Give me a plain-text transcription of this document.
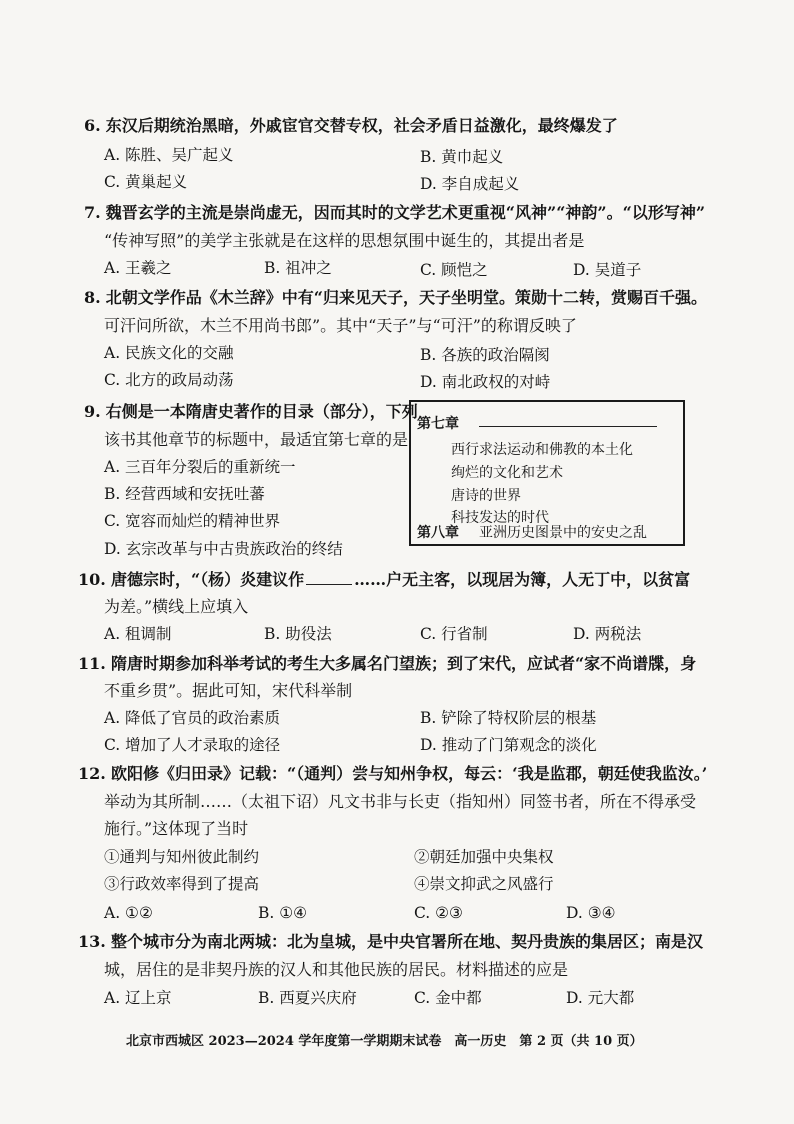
6. 东汉后期统治黑暗，外戚宦官交替专权，社会矛盾日益激化，最终爆发了
A. 陈胜、吴广起义	B. 黄巾起义
C. 黄巢起义	D. 李自成起义
7. 魏晋玄学的主流是崇尚虚无，因而其时的文学艺术更重视“风神”“神韵”。“以形写神”
“传神写照”的美学主张就是在这样的思想氛围中诞生的，其提出者是
A. 王羲之	B. 祖冲之	C. 顾恺之	D. 吴道子
8. 北朝文学作品《木兰辞》中有“归来见天子，天子坐明堂。策勋十二转，赏赐百千强。
可汗问所欲，木兰不用尚书郎”。其中“天子”与“可汗”的称谓反映了
A. 民族文化的交融	B. 各族的政治隔阂
C. 北方的政局动荡	D. 南北政权的对峙
9. 右侧是一本隋唐史著作的目录（部分），下列
该书其他章节的标题中，最适宜第七章的是
A. 三百年分裂后的重新统一
B. 经营西域和安抚吐蕃
C. 宽容而灿烂的精神世界
D. 玄宗改革与中古贵族政治的终结
第七章
西行求法运动和佛教的本土化
绚烂的文化和艺术
唐诗的世界
科技发达的时代
第八章 亚洲历史图景中的安史之乱
10. 唐德宗时，“（杨）炎建议作	……户无主客，以现居为簿，人无丁中，以贫富
为差。”横线上应填入
A. 租调制	B. 助役法	C. 行省制	D. 两税法
11. 隋唐时期参加科举考试的考生大多属名门望族；到了宋代，应试者“家不尚谱牒，身
不重乡贯”。据此可知，宋代科举制
A. 降低了官员的政治素质	B. 铲除了特权阶层的根基
C. 增加了人才录取的途径	D. 推动了门第观念的淡化
12. 欧阳修《归田录》记载：“（通判）尝与知州争权，每云：‘我是监郡，朝廷使我监汝。’
举动为其所制……（太祖下诏）凡文书非与长吏（指知州）同签书者，所在不得承受
施行。”这体现了当时
①通判与知州彼此制约	②朝廷加强中央集权
③行政效率得到了提高	④崇文抑武之风盛行
A. ①②	B. ①④	C. ②③	D. ③④
13. 整个城市分为南北两城：北为皇城，是中央官署所在地、契丹贵族的集居区；南是汉
城，居住的是非契丹族的汉人和其他民族的居民。材料描述的应是
A. 辽上京	B. 西夏兴庆府	C. 金中都	D. 元大都
北京市西城区 2023—2024 学年度第一学期期末试卷　高一历史　第 2 页（共 10 页）
